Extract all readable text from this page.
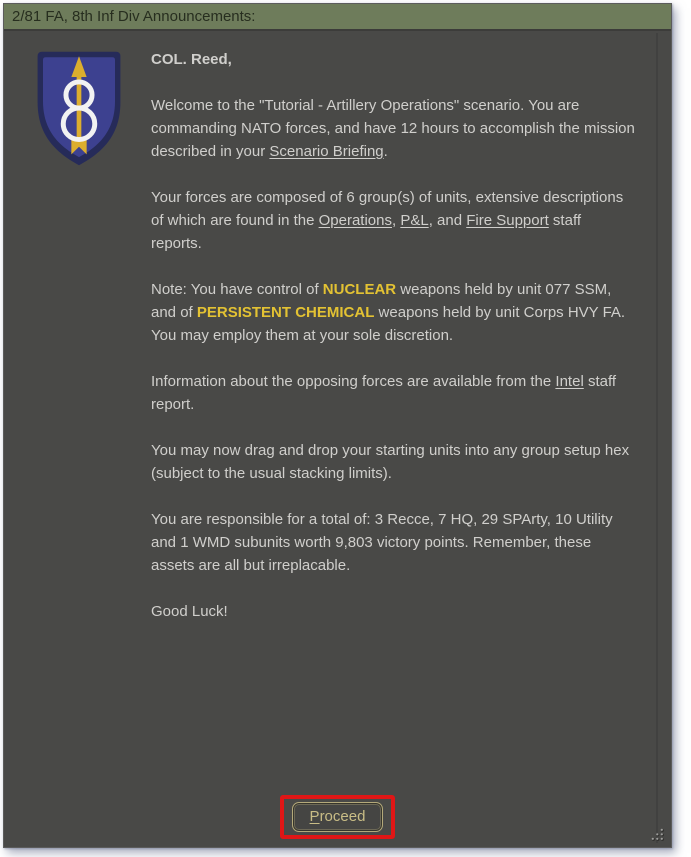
2/81 FA, 8th Inf Div Announcements:

COL. Reed,

Welcome to the "Tutorial - Artillery Operations" scenario. You are commanding NATO forces, and have 12 hours to accomplish the mission described in your Scenario Briefing.

Your forces are composed of 6 group(s) of units, extensive descriptions of which are found in the Operations, P&L, and Fire Support staff reports.

Note: You have control of NUCLEAR weapons held by unit 077 SSM, and of PERSISTENT CHEMICAL weapons held by unit Corps HVY FA. You may employ them at your sole discretion.

Information about the opposing forces are available from the Intel staff report.

You may now drag and drop your starting units into any group setup hex (subject to the usual stacking limits).

You are responsible for a total of: 3 Recce, 7 HQ, 29 SPArty, 10 Utility and 1 WMD subunits worth 9,803 victory points. Remember, these assets are all but irreplacable.

Good Luck!

Proceed
